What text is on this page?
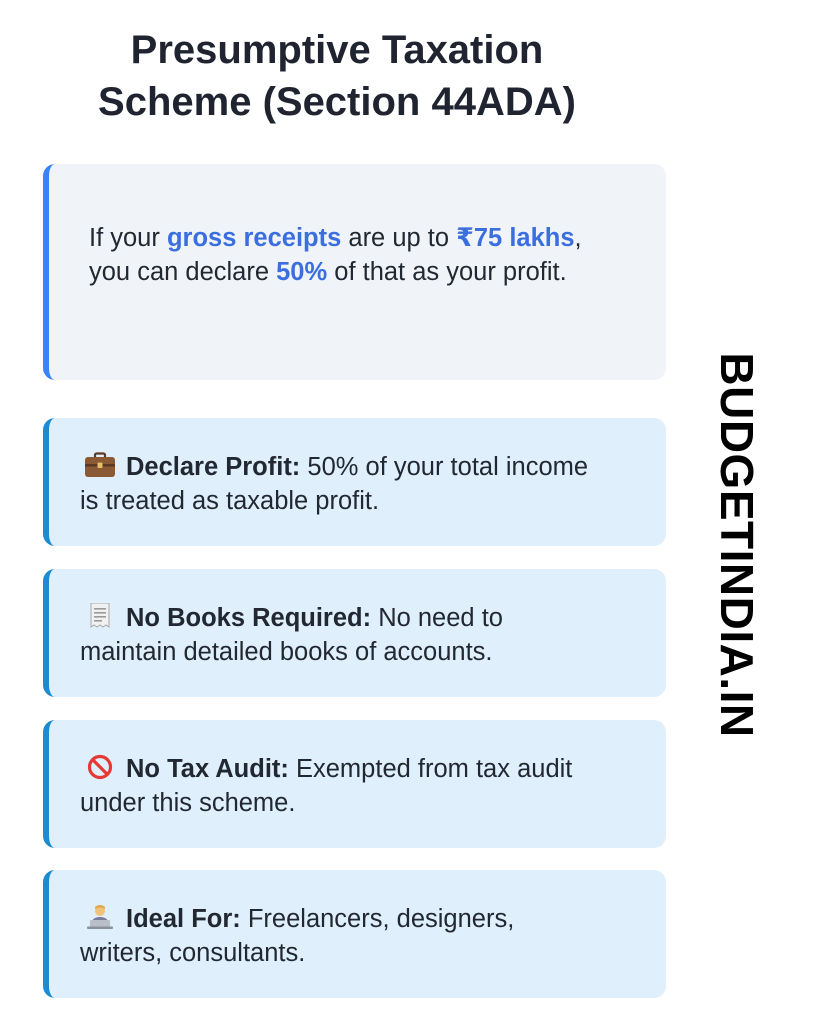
Presumptive Taxation
Scheme (Section 44ADA)
If your gross receipts are up to ₹75 lakhs, you can declare 50% of that as your profit.
Declare Profit: 50% of your total income is treated as taxable profit.
No Books Required: No need to maintain detailed books of accounts.
No Tax Audit: Exempted from tax audit under this scheme.
Ideal For: Freelancers, designers, writers, consultants.
BUDGETINDIA.IN
